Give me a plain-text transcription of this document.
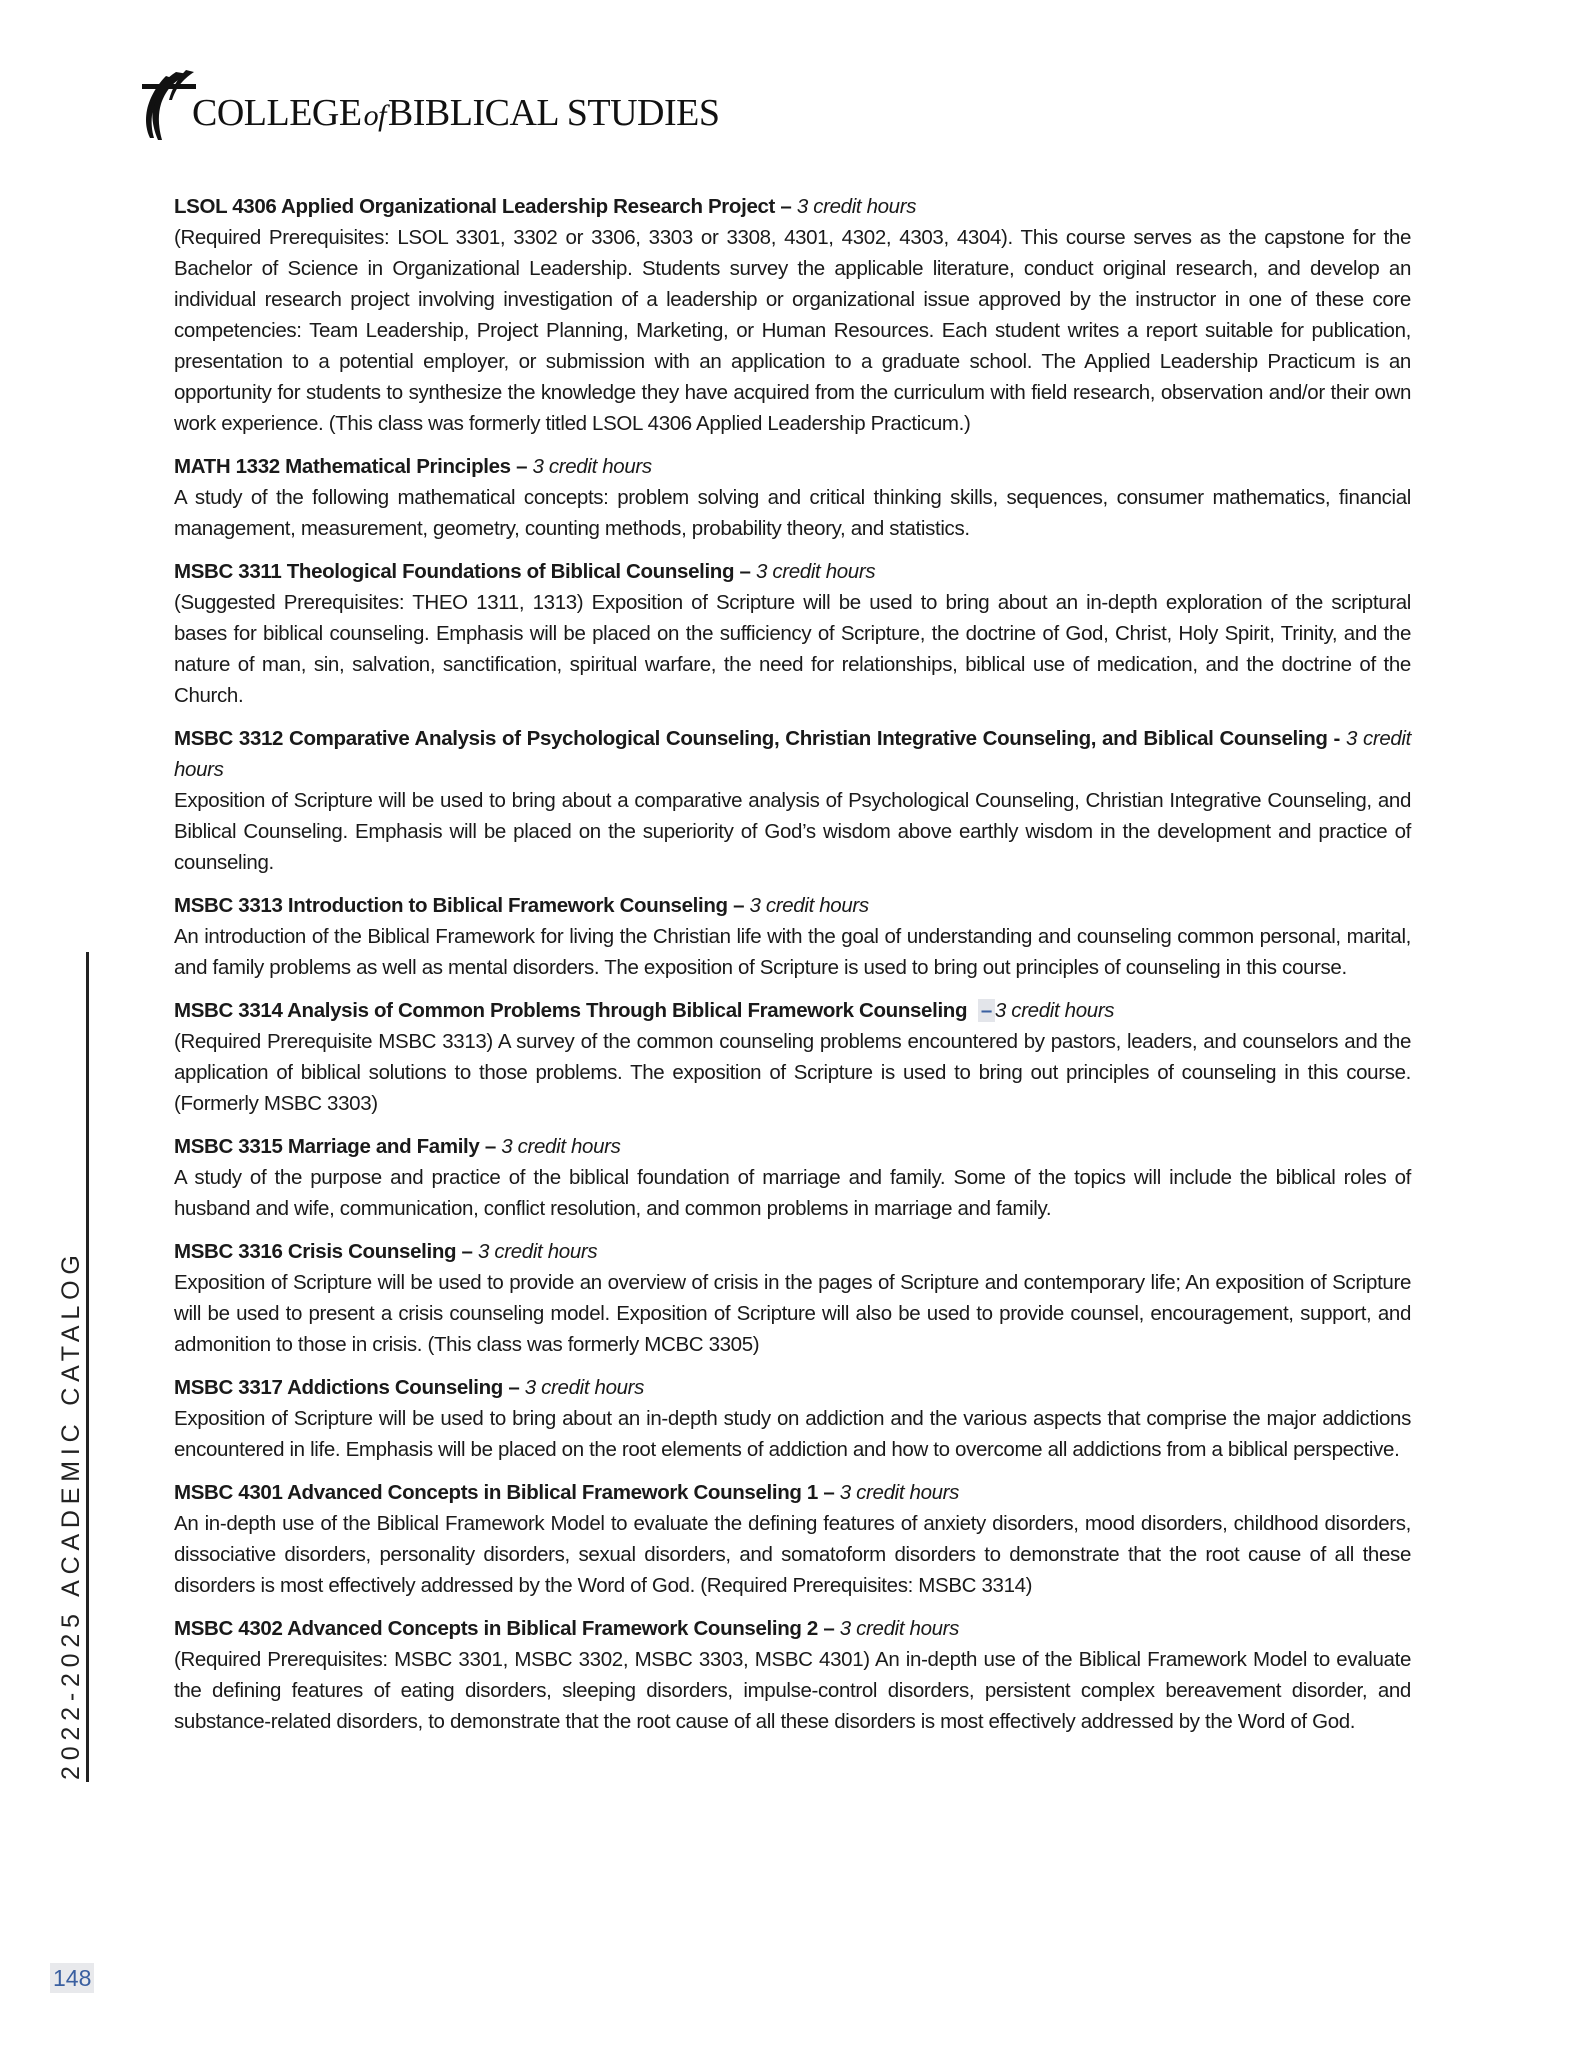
COLLEGEofBIBLICAL STUDIES
LSOL 4306 Applied Organizational Leadership Research Project – 3 credit hours
(Required Prerequisites: LSOL 3301, 3302 or 3306, 3303 or 3308, 4301, 4302, 4303, 4304). This course serves as the capstone for the Bachelor of Science in Organizational Leadership. Students survey the applicable literature, conduct original research, and develop an individual research project involving investigation of a leadership or organizational issue approved by the instructor in one of these core competencies: Team Leadership, Project Planning, Marketing, or Human Resources. Each student writes a report suitable for publication, presentation to a potential employer, or submission with an application to a graduate school. The Applied Leadership Practicum is an opportunity for students to synthesize the knowledge they have acquired from the curriculum with field research, observation and/or their own work experience. (This class was formerly titled LSOL 4306 Applied Leadership Practicum.)
MATH 1332 Mathematical Principles – 3 credit hours
A study of the following mathematical concepts: problem solving and critical thinking skills, sequences, consumer mathematics, financial management, measurement, geometry, counting methods, probability theory, and statistics.
MSBC 3311 Theological Foundations of Biblical Counseling – 3 credit hours
(Suggested Prerequisites: THEO 1311, 1313) Exposition of Scripture will be used to bring about an in-depth exploration of the scriptural bases for biblical counseling. Emphasis will be placed on the sufficiency of Scripture, the doctrine of God, Christ, Holy Spirit, Trinity, and the nature of man, sin, salvation, sanctification, spiritual warfare, the need for relationships, biblical use of medication, and the doctrine of the Church.
MSBC 3312 Comparative Analysis of Psychological Counseling, Christian Integrative Counseling, and Biblical Counseling - 3 credit hours
Exposition of Scripture will be used to bring about a comparative analysis of Psychological Counseling, Christian Integrative Counseling, and Biblical Counseling. Emphasis will be placed on the superiority of God’s wisdom above earthly wisdom in the development and practice of counseling.
MSBC 3313 Introduction to Biblical Framework Counseling – 3 credit hours
An introduction of the Biblical Framework for living the Christian life with the goal of understanding and counseling common personal, marital, and family problems as well as mental disorders. The exposition of Scripture is used to bring out principles of counseling in this course.
MSBC 3314 Analysis of Common Problems Through Biblical Framework Counseling – 3 credit hours
(Required Prerequisite MSBC 3313) A survey of the common counseling problems encountered by pastors, leaders, and counselors and the application of biblical solutions to those problems. The exposition of Scripture is used to bring out principles of counseling in this course. (Formerly MSBC 3303)
MSBC 3315 Marriage and Family – 3 credit hours
A study of the purpose and practice of the biblical foundation of marriage and family. Some of the topics will include the biblical roles of husband and wife, communication, conflict resolution, and common problems in marriage and family.
MSBC 3316 Crisis Counseling – 3 credit hours
Exposition of Scripture will be used to provide an overview of crisis in the pages of Scripture and contemporary life; An exposition of Scripture will be used to present a crisis counseling model. Exposition of Scripture will also be used to provide counsel, encouragement, support, and admonition to those in crisis. (This class was formerly MCBC 3305)
MSBC 3317 Addictions Counseling – 3 credit hours
Exposition of Scripture will be used to bring about an in-depth study on addiction and the various aspects that comprise the major addictions encountered in life. Emphasis will be placed on the root elements of addiction and how to overcome all addictions from a biblical perspective.
MSBC 4301 Advanced Concepts in Biblical Framework Counseling 1 – 3 credit hours
An in-depth use of the Biblical Framework Model to evaluate the defining features of anxiety disorders, mood disorders, childhood disorders, dissociative disorders, personality disorders, sexual disorders, and somatoform disorders to demonstrate that the root cause of all these disorders is most effectively addressed by the Word of God. (Required Prerequisites: MSBC 3314)
MSBC 4302 Advanced Concepts in Biblical Framework Counseling 2 – 3 credit hours
(Required Prerequisites: MSBC 3301, MSBC 3302, MSBC 3303, MSBC 4301) An in-depth use of the Biblical Framework Model to evaluate the defining features of eating disorders, sleeping disorders, impulse-control disorders, persistent complex bereavement disorder, and substance-related disorders, to demonstrate that the root cause of all these disorders is most effectively addressed by the Word of God.
2022-2025 ACADEMIC CATALOG
148
